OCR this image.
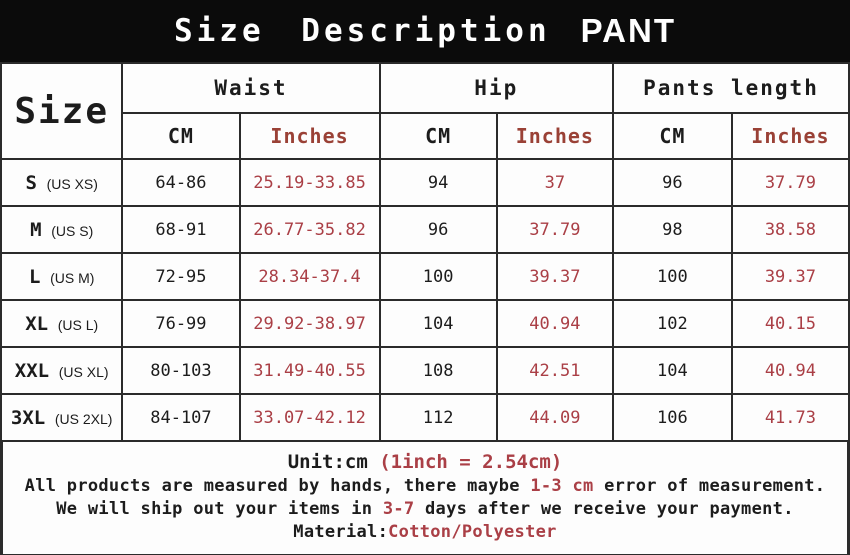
Size Description PANT
Size	Waist		Hip		Pants length	
	CM	Inches	CM	Inches	CM	Inches
S (US XS)	64-86	25.19-33.85	94	37	96	37.79
M (US S)	68-91	26.77-35.82	96	37.79	98	38.58
L (US M)	72-95	28.34-37.4	100	39.37	100	39.37
XL (US L)	76-99	29.92-38.97	104	40.94	102	40.15
XXL (US XL)	80-103	31.49-40.55	108	42.51	104	40.94
3XL (US 2XL)	84-107	33.07-42.12	112	44.09	106	41.73

Unit:cm (1inch = 2.54cm)

All products are measured by hands, there maybe 1-3 cm error of measurement.

We will ship out your items in 3-7 days after we receive your payment.

Material:Cotton/Polyester
